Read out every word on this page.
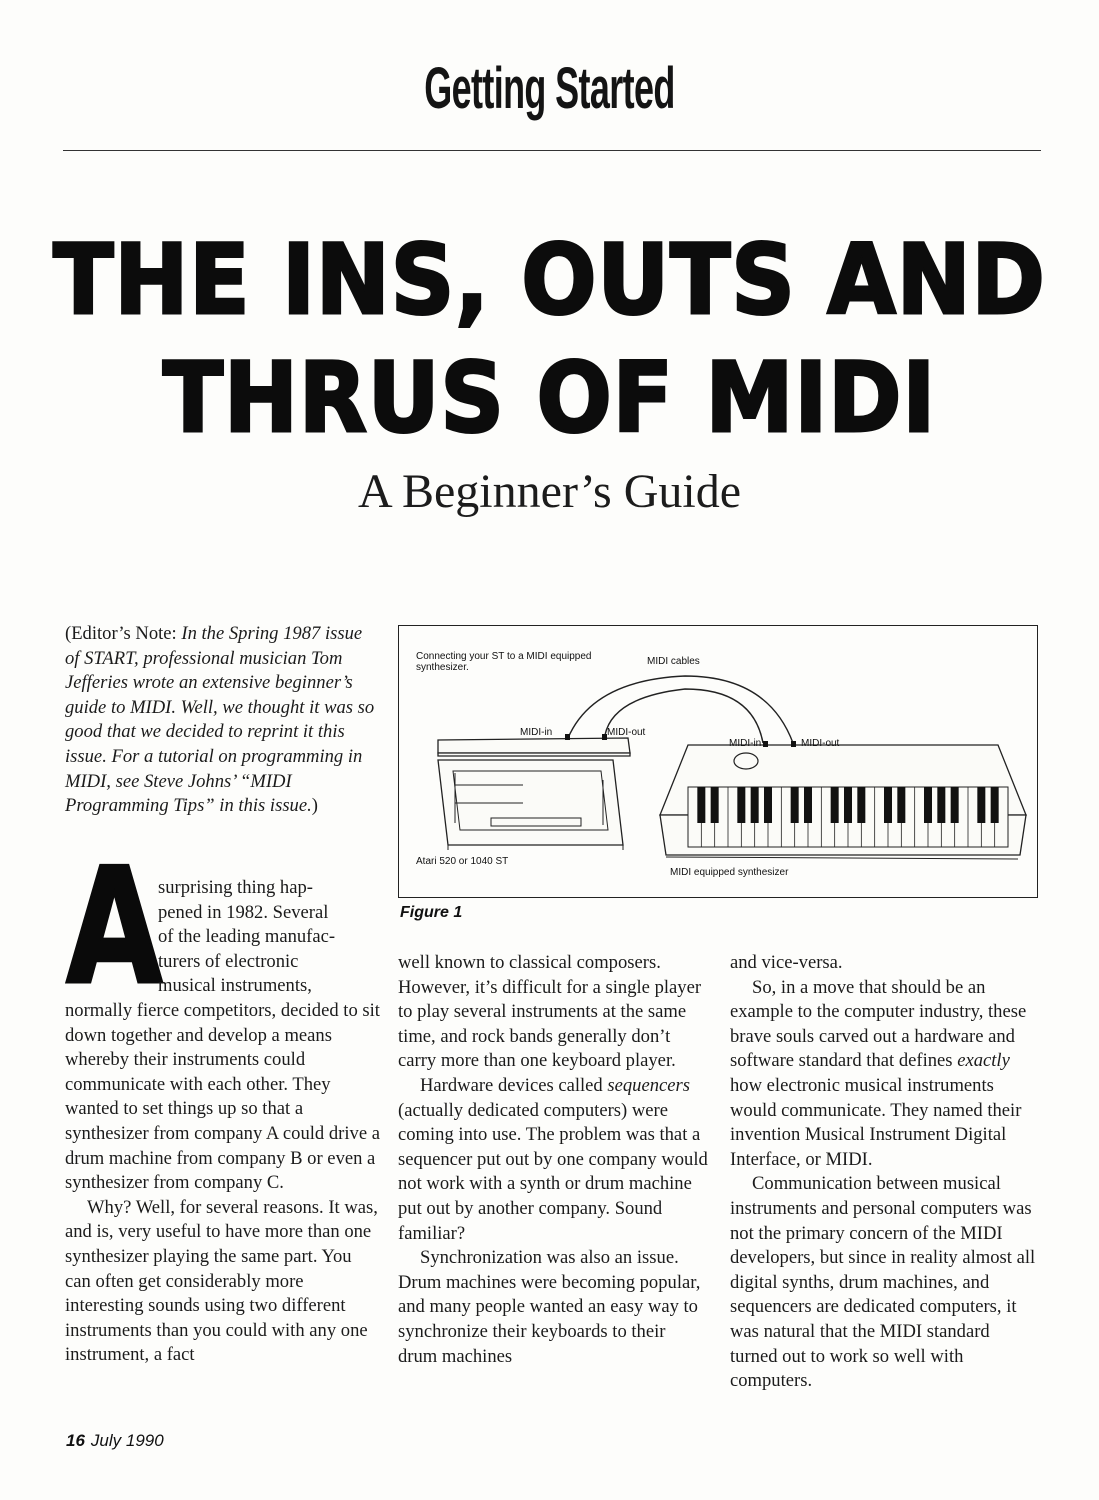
Getting Started
THE INS, OUTS AND
THRUS OF MIDI
A Beginner’s Guide
(Editor’s Note: In the Spring 1987 issue of START, professional musician Tom Jefferies wrote an extensive beginner’s guide to MIDI. Well, we thought it was so good that we decided to reprint it this issue. For a tutorial on programming in MIDI, see Steve Johns’ “MIDI Programming Tips” in this issue.)
A
surprising thing hap-
pened in 1982. Several
of the leading manufac-
turers of electronic
musical instruments,

normally fierce competitors, decided to sit down together and develop a means whereby their instruments could communicate with each other. They wanted to set things up so that a synthesizer from company A could drive a drum machine from company B or even a synthesizer from company C.

Why? Well, for several reasons. It was, and is, very useful to have more than one synthesizer playing the same part. You can often get considerably more interesting sounds using two different instruments than you could with any one instrument, a fact

Connecting your ST to a MIDI equipped
synthesizer.
MIDI cables
MIDI-in	MIDI-out
Atari 520 or 1040 ST
MIDI-in	MIDI-out
MIDI equipped synthesizer
Figure 1

well known to classical composers. However, it’s difficult for a single player to play several instruments at the same time, and rock bands generally don’t carry more than one keyboard player.

Hardware devices called sequencers (actually dedicated computers) were coming into use. The problem was that a sequencer put out by one company would not work with a synth or drum machine put out by another company. Sound familiar?

Synchronization was also an issue. Drum machines were becoming popular, and many people wanted an easy way to synchronize their keyboards to their drum machines

and vice-versa.

So, in a move that should be an example to the computer industry, these brave souls carved out a hardware and software standard that defines exactly how electronic musical instruments would communicate. They named their invention Musical Instrument Digital Interface, or MIDI.

Communication between musical instruments and personal computers was not the primary concern of the MIDI developers, but since in reality almost all digital synths, drum machines, and sequencers are dedicated computers, it was natural that the MIDI standard turned out to work so well with computers.

16 July 1990
